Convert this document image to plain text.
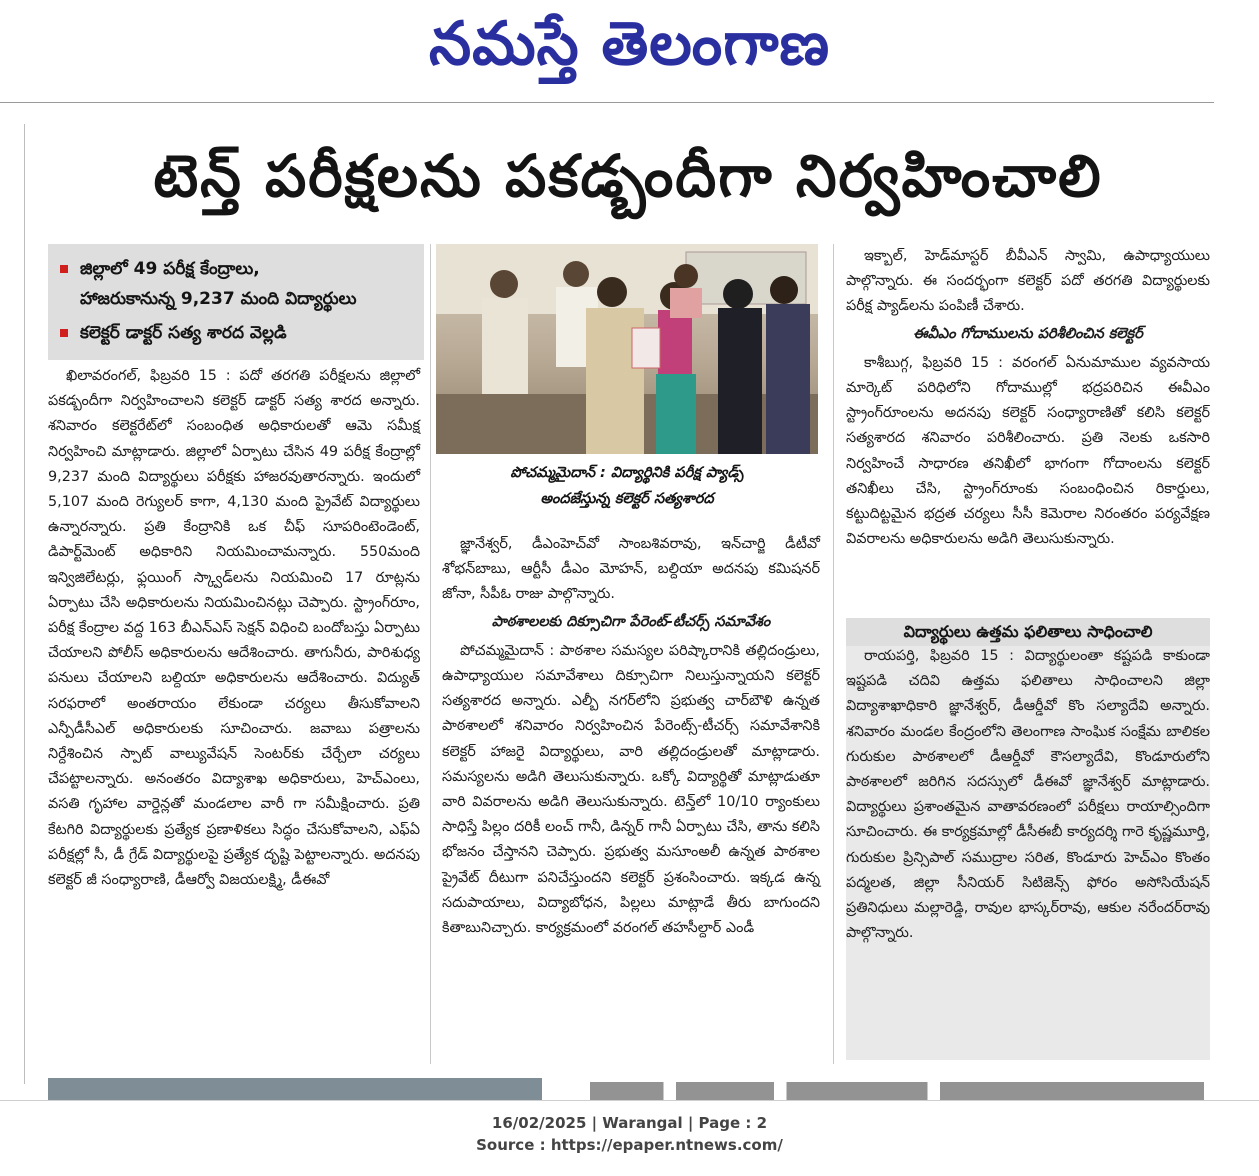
నమస్తే తెలంగాణ
టెన్త్ పరీక్షలను పకడ్బందీగా నిర్వహించాలి
జిల్లాలో 49 పరీక్ష కేంద్రాలు,
హాజరుకానున్న 9,237 మంది విద్యార్థులు
కలెక్టర్ డాక్టర్ సత్య శారద వెల్లడి

ఖిలావరంగల్, ఫిబ్రవరి 15 : పదో తరగతి పరీక్షలను జిల్లాలో పకడ్బందీగా నిర్వహించాలని కలెక్టర్ డాక్టర్ సత్య శారద అన్నారు. శనివారం కలెక్టరేట్‌లో సంబంధిత అధికారులతో ఆమె సమీక్ష నిర్వహించి మాట్లాడారు. జిల్లాలో ఏర్పాటు చేసిన 49 పరీక్ష కేంద్రాల్లో 9,237 మంది విద్యార్థులు పరీక్షకు హాజరవుతారన్నారు. ఇందులో 5,107 మంది రెగ్యులర్ కాగా, 4,130 మంది ప్రైవేట్ విద్యార్థులు ఉన్నారన్నారు. ప్రతి కేంద్రానికి ఒక చీఫ్ సూపరింటెండెంట్, డిపార్ట్‌మెంట్ అధికారిని నియమించామన్నారు. 550మంది ఇన్విజిలేటర్లు, ఫ్లయింగ్ స్క్వాడ్‌లను నియమించి 17 రూట్లను ఏర్పాటు చేసి అధికారులను నియమించినట్లు చెప్పారు. స్ట్రాంగ్‌రూం, పరీక్ష కేంద్రాల వద్ద 163 బీఎన్ఎస్ సెక్షన్ విధించి బందోబస్తు ఏర్పాటు చేయాలని పోలీస్ అధికారులను ఆదేశించారు. తాగునీరు, పారిశుధ్య పనులు చేయాలని బల్దియా అధికారులను ఆదేశించారు. విద్యుత్ సరఫరాలో అంతరాయం లేకుండా చర్యలు తీసుకోవాలని ఎన్పీడీసీఎల్ అధికారులకు సూచించారు. జవాబు పత్రాలను నిర్దేశించిన స్పాట్ వాల్యువేషన్ సెంటర్‌కు చేర్చేలా చర్యలు చేపట్టాలన్నారు. అనంతరం విద్యాశాఖ అధికారులు, హెచ్ఎంలు, వసతి గృహాల వార్డెన్లతో మండలాల వారీ గా సమీక్షించారు. ప్రతి కేటగిరి విద్యార్థులకు ప్రత్యేక ప్రణాళికలు సిద్ధం చేసుకోవాలని, ఎఫ్ఏ పరీక్షల్లో సీ, డీ గ్రేడ్ విద్యార్థులపై ప్రత్యేక దృష్టి పెట్టాలన్నారు. అదనపు కలెక్టర్ జీ సంధ్యారాణి, డీఆర్వో విజయలక్ష్మి, డీఈవో

పోచమ్మమైదాన్ : విద్యార్థినికి పరీక్ష ప్యాడ్స్
అందజేస్తున్న కలెక్టర్ సత్యశారద

జ్ఞానేశ్వర్, డీఎంహెచ్‌వో సాంబశివరావు, ఇన్‌చార్జి డీటీవో శోభన్‌బాబు, ఆర్టీసీ డీఎం మోహన్, బల్దియా అదనపు కమిషనర్ జోనా, సీపీఓ రాజు పాల్గొన్నారు.

పాఠశాలలకు దిక్సూచిగా పేరెంట్-టీచర్స్ సమావేశం

పోచమ్మమైదాన్ : పాఠశాల సమస్యల పరిష్కారానికి తల్లిదండ్రులు, ఉపాధ్యాయుల సమావేశాలు దిక్సూచిగా నిలుస్తున్నాయని కలెక్టర్ సత్యశారద అన్నారు. ఎల్బీ నగర్‌లోని ప్రభుత్వ చార్‌బౌళి ఉన్నత పాఠశాలలో శనివారం నిర్వహించిన పేరెంట్స్-టీచర్స్ సమావేశానికి కలెక్టర్ హాజరై విద్యార్థులు, వారి తల్లిదండ్రులతో మాట్లాడారు. సమస్యలను అడిగి తెలుసుకున్నారు. ఒక్కో విద్యార్థితో మాట్లాడుతూ వారి వివరాలను అడిగి తెలుసుకున్నారు. టెన్త్‌లో 10/10 ర్యాంకులు సాధిస్తే పిల్లం దరికీ లంచ్ గానీ, డిన్నర్ గానీ ఏర్పాటు చేసి, తాను కలిసి భోజనం చేస్తానని చెప్పారు. ప్రభుత్వ మసూంఅలీ ఉన్నత పాఠశాల ప్రైవేట్ దీటుగా పనిచేస్తుందని కలెక్టర్ ప్రశంసించారు. ఇక్కడ ఉన్న సదుపాయాలు, విద్యాబోధన, పిల్లలు మాట్లాడే తీరు బాగుందని కితాబునిచ్చారు. కార్యక్రమంలో వరంగల్ తహసీల్దార్ ఎండీ

ఇక్బాల్, హెడ్‌మాస్టర్ బీవీఎన్ స్వామి, ఉపాధ్యాయులు పాల్గొన్నారు. ఈ సందర్భంగా కలెక్టర్ పదో తరగతి విద్యార్థులకు పరీక్ష ప్యాడ్‌లను పంపిణీ చేశారు.

ఈవీఎం గోదాములను పరిశీలించిన కలెక్టర్

కాశీబుగ్గ, ఫిబ్రవరి 15 : వరంగల్ ఏనుమాముల వ్యవసాయ మార్కెట్ పరిధిలోని గోదాముల్లో భద్రపరిచిన ఈవీఎం స్ట్రాంగ్‌రూంలను అదనపు కలెక్టర్ సంధ్యారాణితో కలిసి కలెక్టర్ సత్యశారద శనివారం పరిశీలించారు. ప్రతి నెలకు ఒకసారి నిర్వహించే సాధారణ తనిఖీలో భాగంగా గోదాంలను కలెక్టర్ తనిఖీలు చేసి, స్ట్రాంగ్‌రూంకు సంబంధించిన రికార్డులు, కట్టుదిట్టమైన భద్రత చర్యలు సీసీ కెమెరాల నిరంతరం పర్యవేక్షణ వివరాలను అధికారులను అడిగి తెలుసుకున్నారు.

విద్యార్థులు ఉత్తమ ఫలితాలు సాధించాలి

రాయపర్తి, ఫిబ్రవరి 15 : విద్యార్థులంతా కష్టపడి కాకుండా ఇష్టపడి చదివి ఉత్తమ ఫలితాలు సాధించాలని జిల్లా విద్యాశాఖాధికారి జ్ఞానేశ్వర్, డీఆర్డీవో కొం సల్యాదేవి అన్నారు. శనివారం మండల కేంద్రంలోని తెలంగాణ సాంఘిక సంక్షేమ బాలికల గురుకుల పాఠశాలలో డీఆర్డీవో కౌసల్యాదేవి, కొండూరులోని పాఠశాలలో జరిగిన సదస్సులో డీఈవో జ్ఞానేశ్వర్ మాట్లాడారు. విద్యార్థులు ప్రశాంతమైన వాతావరణంలో పరీక్షలు రాయాల్సిందిగా సూచించారు. ఈ కార్యక్రమాల్లో డీసీఈబీ కార్యదర్శి గారె కృష్ణమూర్తి, గురుకుల ప్రిన్సిపాల్ సముద్రాల సరిత, కొండూరు హెచ్ఎం కొంతం పద్మలత, జిల్లా సీనియర్ సిటిజెన్స్ ఫోరం అసోసియేషన్ ప్రతినిధులు మల్లారెడ్డి, రావుల భాస్కర్‌రావు, ఆకుల నరేందర్‌రావు పాల్గొన్నారు.

16/02/2025 | Warangal | Page : 2
Source : https://epaper.ntnews.com/
